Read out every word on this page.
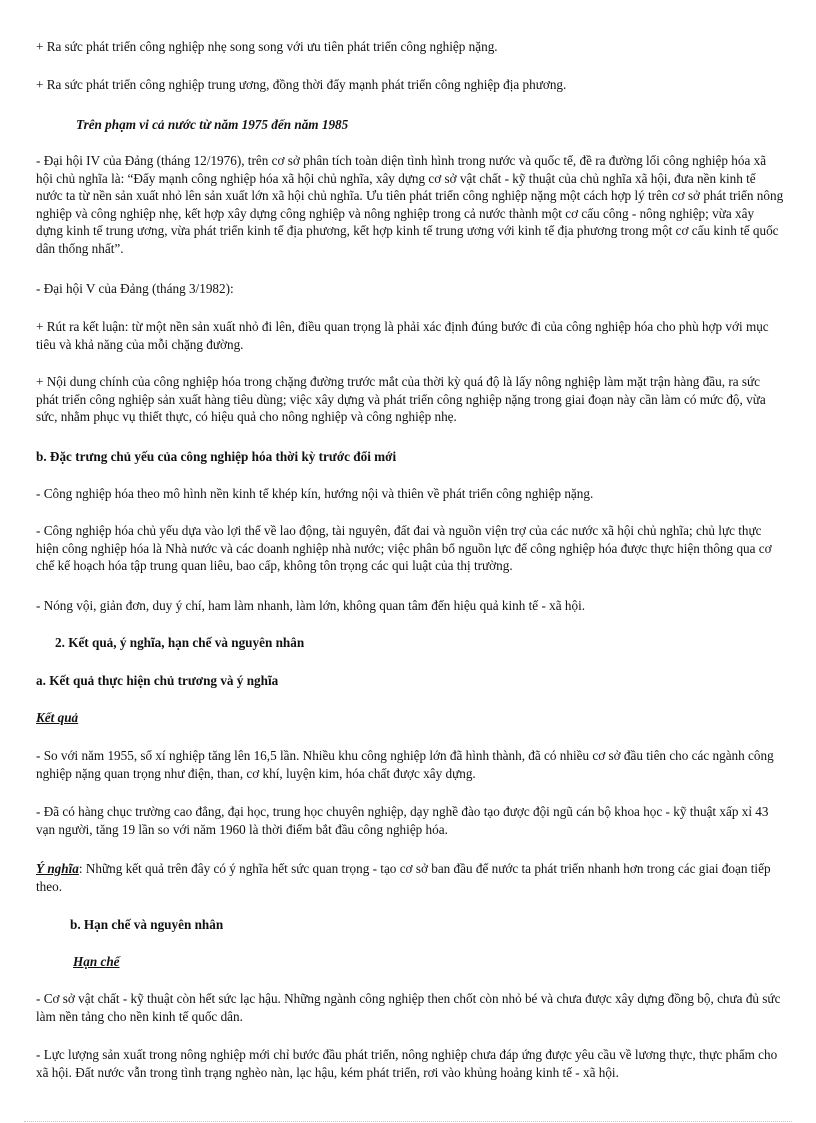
+ Ra sức phát triển công nghiệp nhẹ song song với ưu tiên phát triển công nghiệp nặng.

+ Ra sức phát triển công nghiệp trung ương, đồng thời đẩy mạnh phát triển công nghiệp địa phương.

Trên phạm vi cả nước từ năm 1975 đến năm 1985

- Đại hội IV của Đảng (tháng 12/1976), trên cơ sở phân tích toàn diện tình hình trong nước và quốc tế, đề ra đường lối công nghiệp hóa xã hội chủ nghĩa là: “Đẩy mạnh công nghiệp hóa xã hội chủ nghĩa, xây dựng cơ sở vật chất - kỹ thuật của chủ nghĩa xã hội, đưa nền kinh tế nước ta từ nền sản xuất nhỏ lên sản xuất lớn xã hội chủ nghĩa. Ưu tiên phát triển công nghiệp nặng một cách hợp lý trên cơ sở phát triển nông nghiệp và công nghiệp nhẹ, kết hợp xây dựng công nghiệp và nông nghiệp trong cả nước thành một cơ cấu công - nông nghiệp; vừa xây dựng kinh tế trung ương, vừa phát triển kinh tế địa phương, kết hợp kinh tế trung ương với kinh tế địa phương trong một cơ cấu kinh tế quốc dân thống nhất”.

- Đại hội V của Đảng (tháng 3/1982):

+ Rút ra kết luận: từ một nền sản xuất nhỏ đi lên, điều quan trọng là phải xác định đúng bước đi của công nghiệp hóa cho phù hợp với mục tiêu và khả năng của mỗi chặng đường.

+ Nội dung chính của công nghiệp hóa trong chặng đường trước mắt của thời kỳ quá độ là lấy nông nghiệp làm mặt trận hàng đầu, ra sức phát triển công nghiệp sản xuất hàng tiêu dùng; việc xây dựng và phát triển công nghiệp nặng trong giai đoạn này cần làm có mức độ, vừa sức, nhằm phục vụ thiết thực, có hiệu quả cho nông nghiệp và công nghiệp nhẹ.

b. Đặc trưng chủ yếu của công nghiệp hóa thời kỳ trước đổi mới

- Công nghiệp hóa theo mô hình nền kinh tế khép kín, hướng nội và thiên về phát triển công nghiệp nặng.

- Công nghiệp hóa chủ yếu dựa vào lợi thế về lao động, tài nguyên, đất đai và nguồn viện trợ của các nước xã hội chủ nghĩa; chủ lực thực hiện công nghiệp hóa là Nhà nước và các doanh nghiệp nhà nước; việc phân bổ nguồn lực để công nghiệp hóa được thực hiện thông qua cơ chế kế hoạch hóa tập trung quan liêu, bao cấp, không tôn trọng các qui luật của thị trường.

- Nóng vội, giản đơn, duy ý chí, ham làm nhanh, làm lớn, không quan tâm đến hiệu quả kinh tế - xã hội.

2. Kết quả, ý nghĩa, hạn chế và nguyên nhân

a. Kết quả thực hiện chủ trương và ý nghĩa

Kết quả

- So với năm 1955, số xí nghiệp tăng lên 16,5 lần. Nhiều khu công nghiệp lớn đã hình thành, đã có nhiều cơ sở đầu tiên cho các ngành công nghiệp nặng quan trọng như điện, than, cơ khí, luyện kim, hóa chất được xây dựng.

- Đã có hàng chục trường cao đẳng, đại học, trung học chuyên nghiệp, dạy nghề đào tạo được đội ngũ cán bộ khoa học - kỹ thuật xấp xỉ 43 vạn người, tăng 19 lần so với năm 1960 là thời điểm bắt đầu công nghiệp hóa.

Ý nghĩa: Những kết quả trên đây có ý nghĩa hết sức quan trọng - tạo cơ sở ban đầu để nước ta phát triển nhanh hơn trong các giai đoạn tiếp theo.

b. Hạn chế và nguyên nhân

Hạn chế

- Cơ sở vật chất - kỹ thuật còn hết sức lạc hậu. Những ngành công nghiệp then chốt còn nhỏ bé và chưa được xây dựng đồng bộ, chưa đủ sức làm nền tảng cho nền kinh tế quốc dân.

- Lực lượng sản xuất trong nông nghiệp mới chỉ bước đầu phát triển, nông nghiệp chưa đáp ứng được yêu cầu về lương thực, thực phẩm cho xã hội. Đất nước vẫn trong tình trạng nghèo nàn, lạc hậu, kém phát triển, rơi vào khủng hoảng kinh tế - xã hội.
